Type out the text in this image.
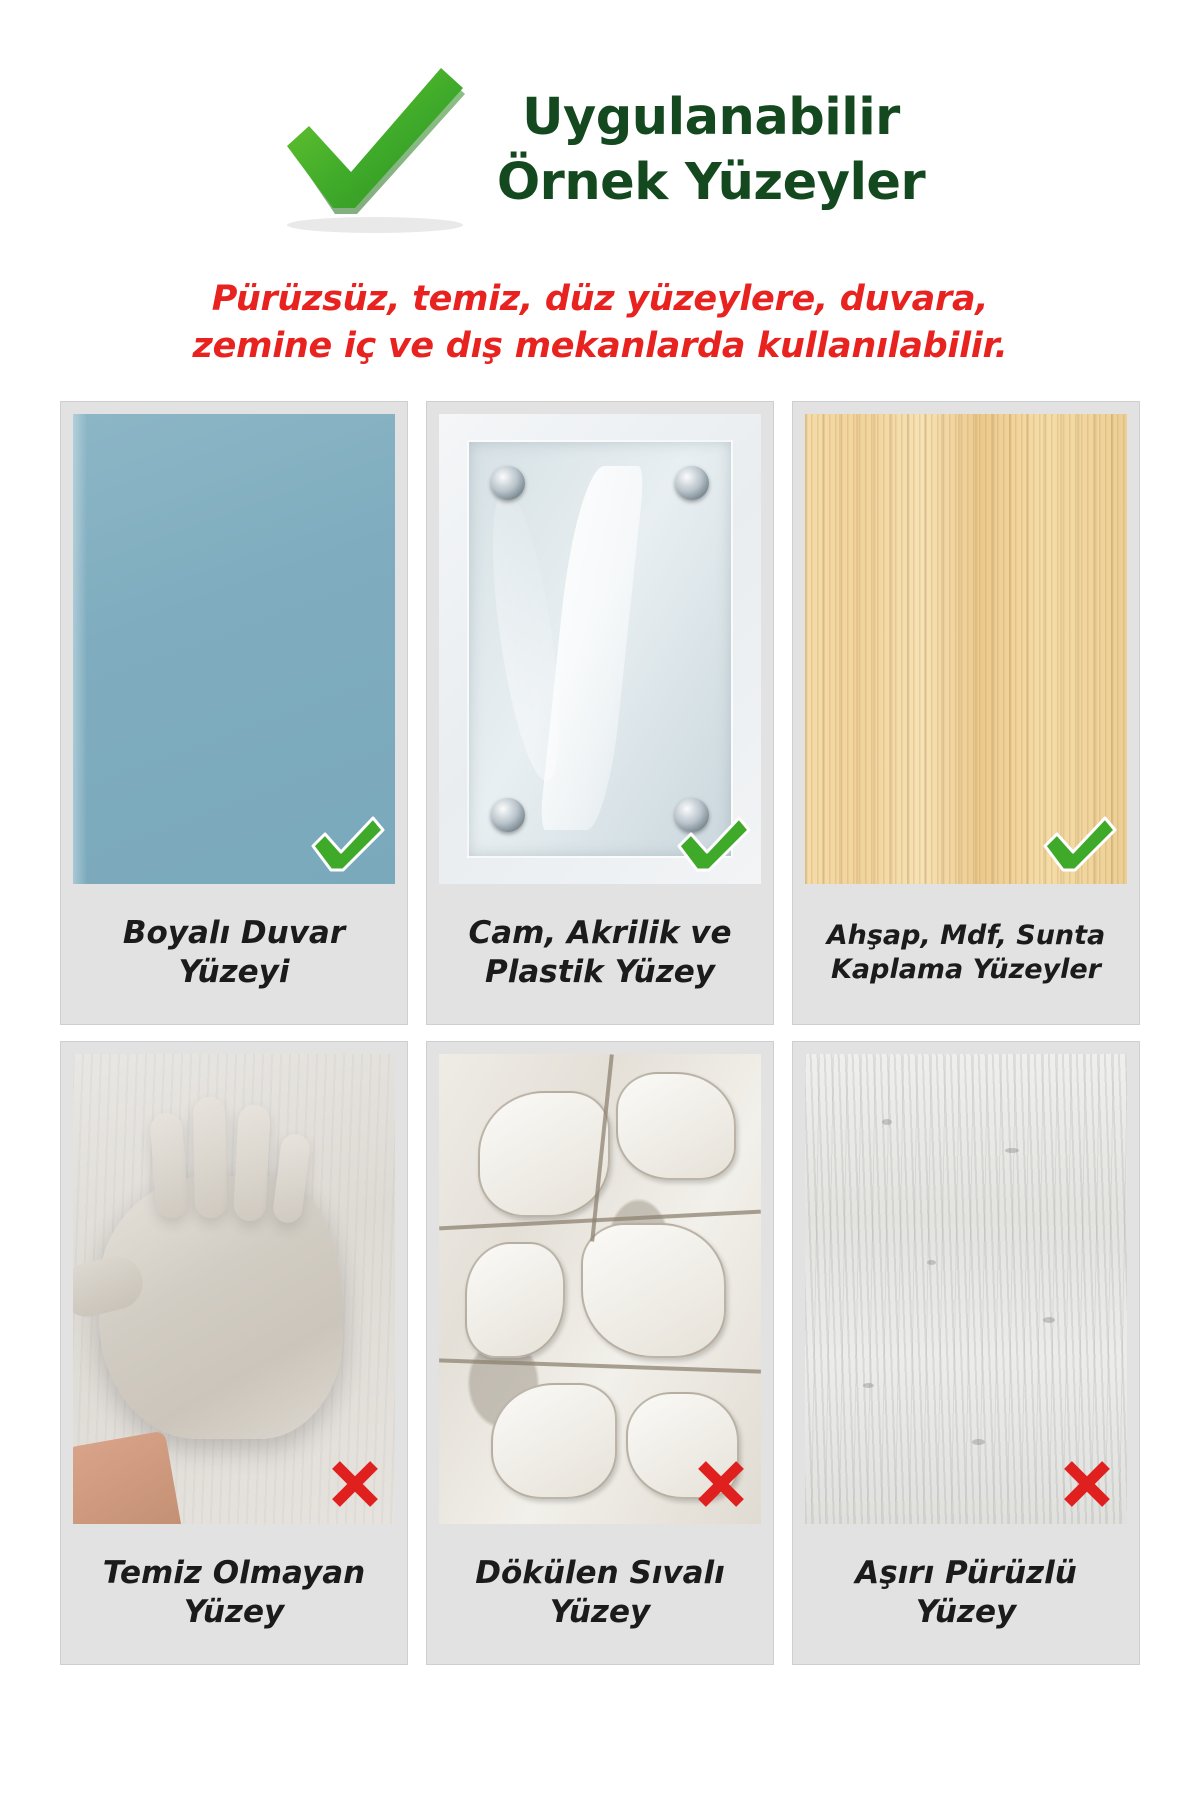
Uygulanabilir
Örnek Yüzeyler
Pürüzsüz, temiz, düz yüzeylere, duvara,
zemine iç ve dış mekanlarda kullanılabilir.
Boyalı Duvar Yüzeyi
Cam, Akrilik ve Plastik Yüzey
Ahşap, Mdf, Sunta Kaplama Yüzeyler
Temiz Olmayan Yüzey
Dökülen Sıvalı Yüzey
Aşırı Pürüzlü Yüzey
